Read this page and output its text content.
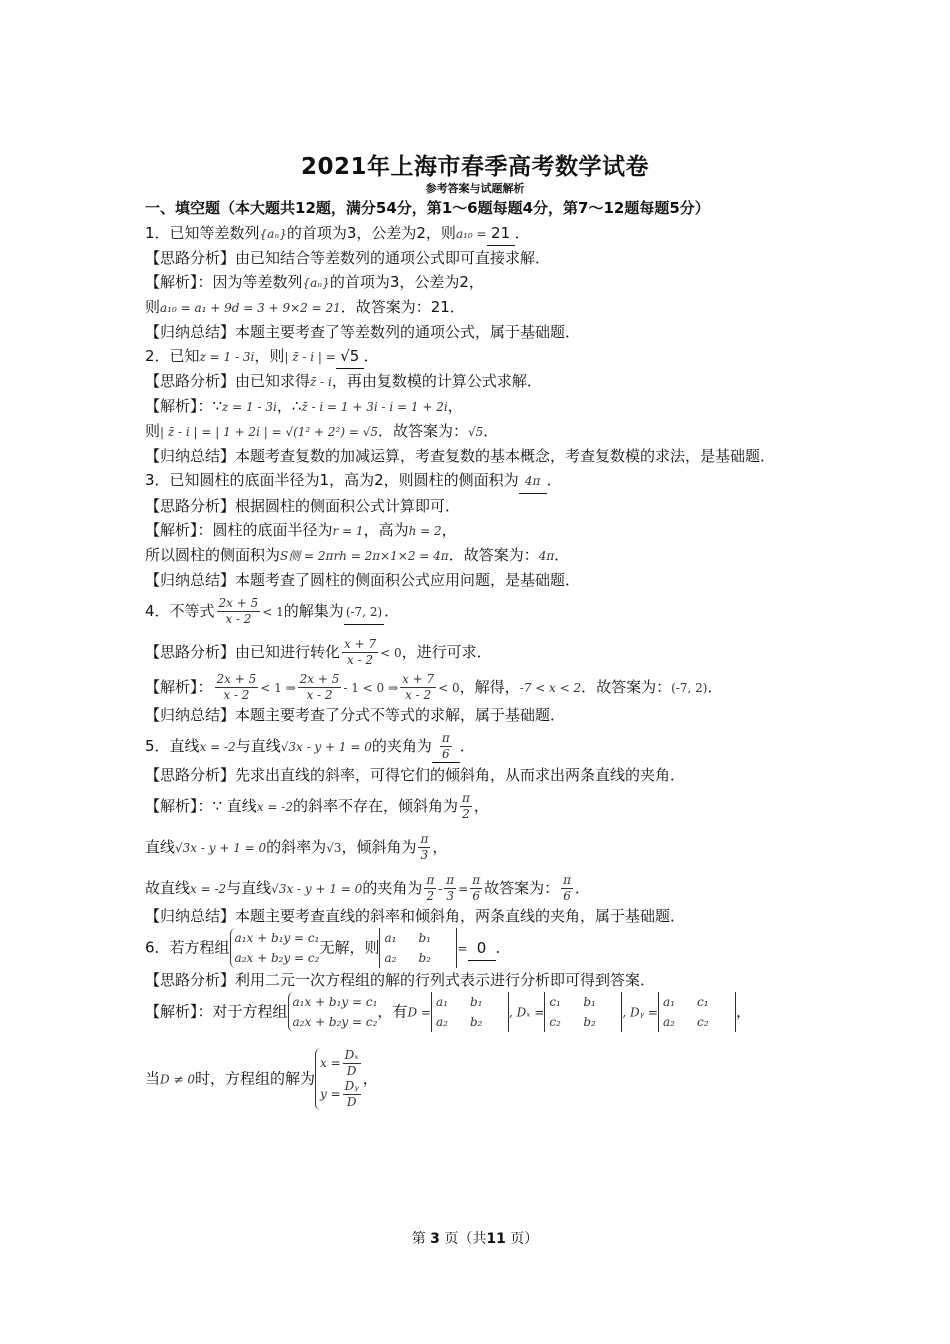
2021年上海市春季高考数学试卷
参考答案与试题解析
一、填空题（本大题共12题，满分54分，第1～6题每题4分，第7～12题每题5分）
1．已知等差数列{aₙ}的首项为3，公差为2，则a₁₀ = 21 ．
【思路分析】由已知结合等差数列的通项公式即可直接求解．
【解析】：因为等差数列{aₙ}的首项为3，公差为2，
则a₁₀ = a₁ + 9d = 3 + 9×2 = 21．故答案为：21．
【归纳总结】本题主要考查了等差数列的通项公式，属于基础题．
2．已知z = 1 - 3i，则| z̄ - i | = √5 ．
【思路分析】由已知求得z̄ - i，再由复数模的计算公式求解．
【解析】：∵z = 1 - 3i，∴z̄ - i = 1 + 3i - i = 1 + 2i，
则| z̄ - i | = | 1 + 2i | = √(1² + 2²) = √5．故答案为：√5．
【归纳总结】本题考查复数的加减运算，考查复数的基本概念，考查复数模的求法，是基础题．
3．已知圆柱的底面半径为1，高为2，则圆柱的侧面积为 4π ．
【思路分析】根据圆柱的侧面积公式计算即可．
【解析】：圆柱的底面半径为r = 1，高为h = 2，
所以圆柱的侧面积为S侧 = 2πrh = 2π×1×2 = 4π．故答案为：4π．
【归纳总结】本题考查了圆柱的侧面积公式应用问题，是基础题．
4．不等式 $\frac{2x + 5}{x - 2} < 1$的解集为 (-7, 2) ．
【思路分析】由已知进行转化 $\frac{x + 7}{x - 2} < 0$，进行可求．
【解析】： $\frac{2x + 5}{x - 2} < 1$ ⇒ $\frac{2x + 5}{x - 2} - 1 < 0$ ⇒ $\frac{x + 7}{x - 2} < 0$，解得，-7 < x < 2．故答案为：(-7, 2)．
【归纳总结】本题主要考查了分式不等式的求解，属于基础题．
5．直线x = -2与直线√3x - y + 1 = 0的夹角为 $\frac{\pi}{6}$ ．
【思路分析】先求出直线的斜率，可得它们的倾斜角，从而求出两条直线的夹角．
【解析】：∵ 直线x = -2的斜率不存在，倾斜角为 $\frac{\pi}{2}$ ，
直线√3x - y + 1 = 0的斜率为√3，倾斜角为 $\frac{\pi}{3}$ ，
故直线x = -2与直线√3x - y + 1 = 0的夹角为 $\frac{\pi}{2} - \frac{\pi}{3} = \frac{\pi}{6}$ 故答案为： $\frac{\pi}{6}$ ．
【归纳总结】本题主要考查直线的斜率和倾斜角，两条直线的夹角，属于基础题．
6．若方程组a₁x + b₁y = c₁
a₂x + b₂y = c₂无解，则a₁ b₁
a₂ b₂= 0 ．
【思路分析】利用二元一次方程组的解的行列式表示进行分析即可得到答案．
【解析】：对于方程组a₁x + b₁y = c₁
a₂x + b₂y = c₂，有D =a₁ b₁
a₂ b₂, Dₓ =c₁ b₁
c₂ b₂, Dᵧ =a₁ c₁
a₂ c₂，
当D ≠ 0时，方程组的解为$x = \frac{\text{Dₓ}}{D}$

$y = \frac{\text{Dᵧ}}{D}$
，
第 3 页（共11 页）
